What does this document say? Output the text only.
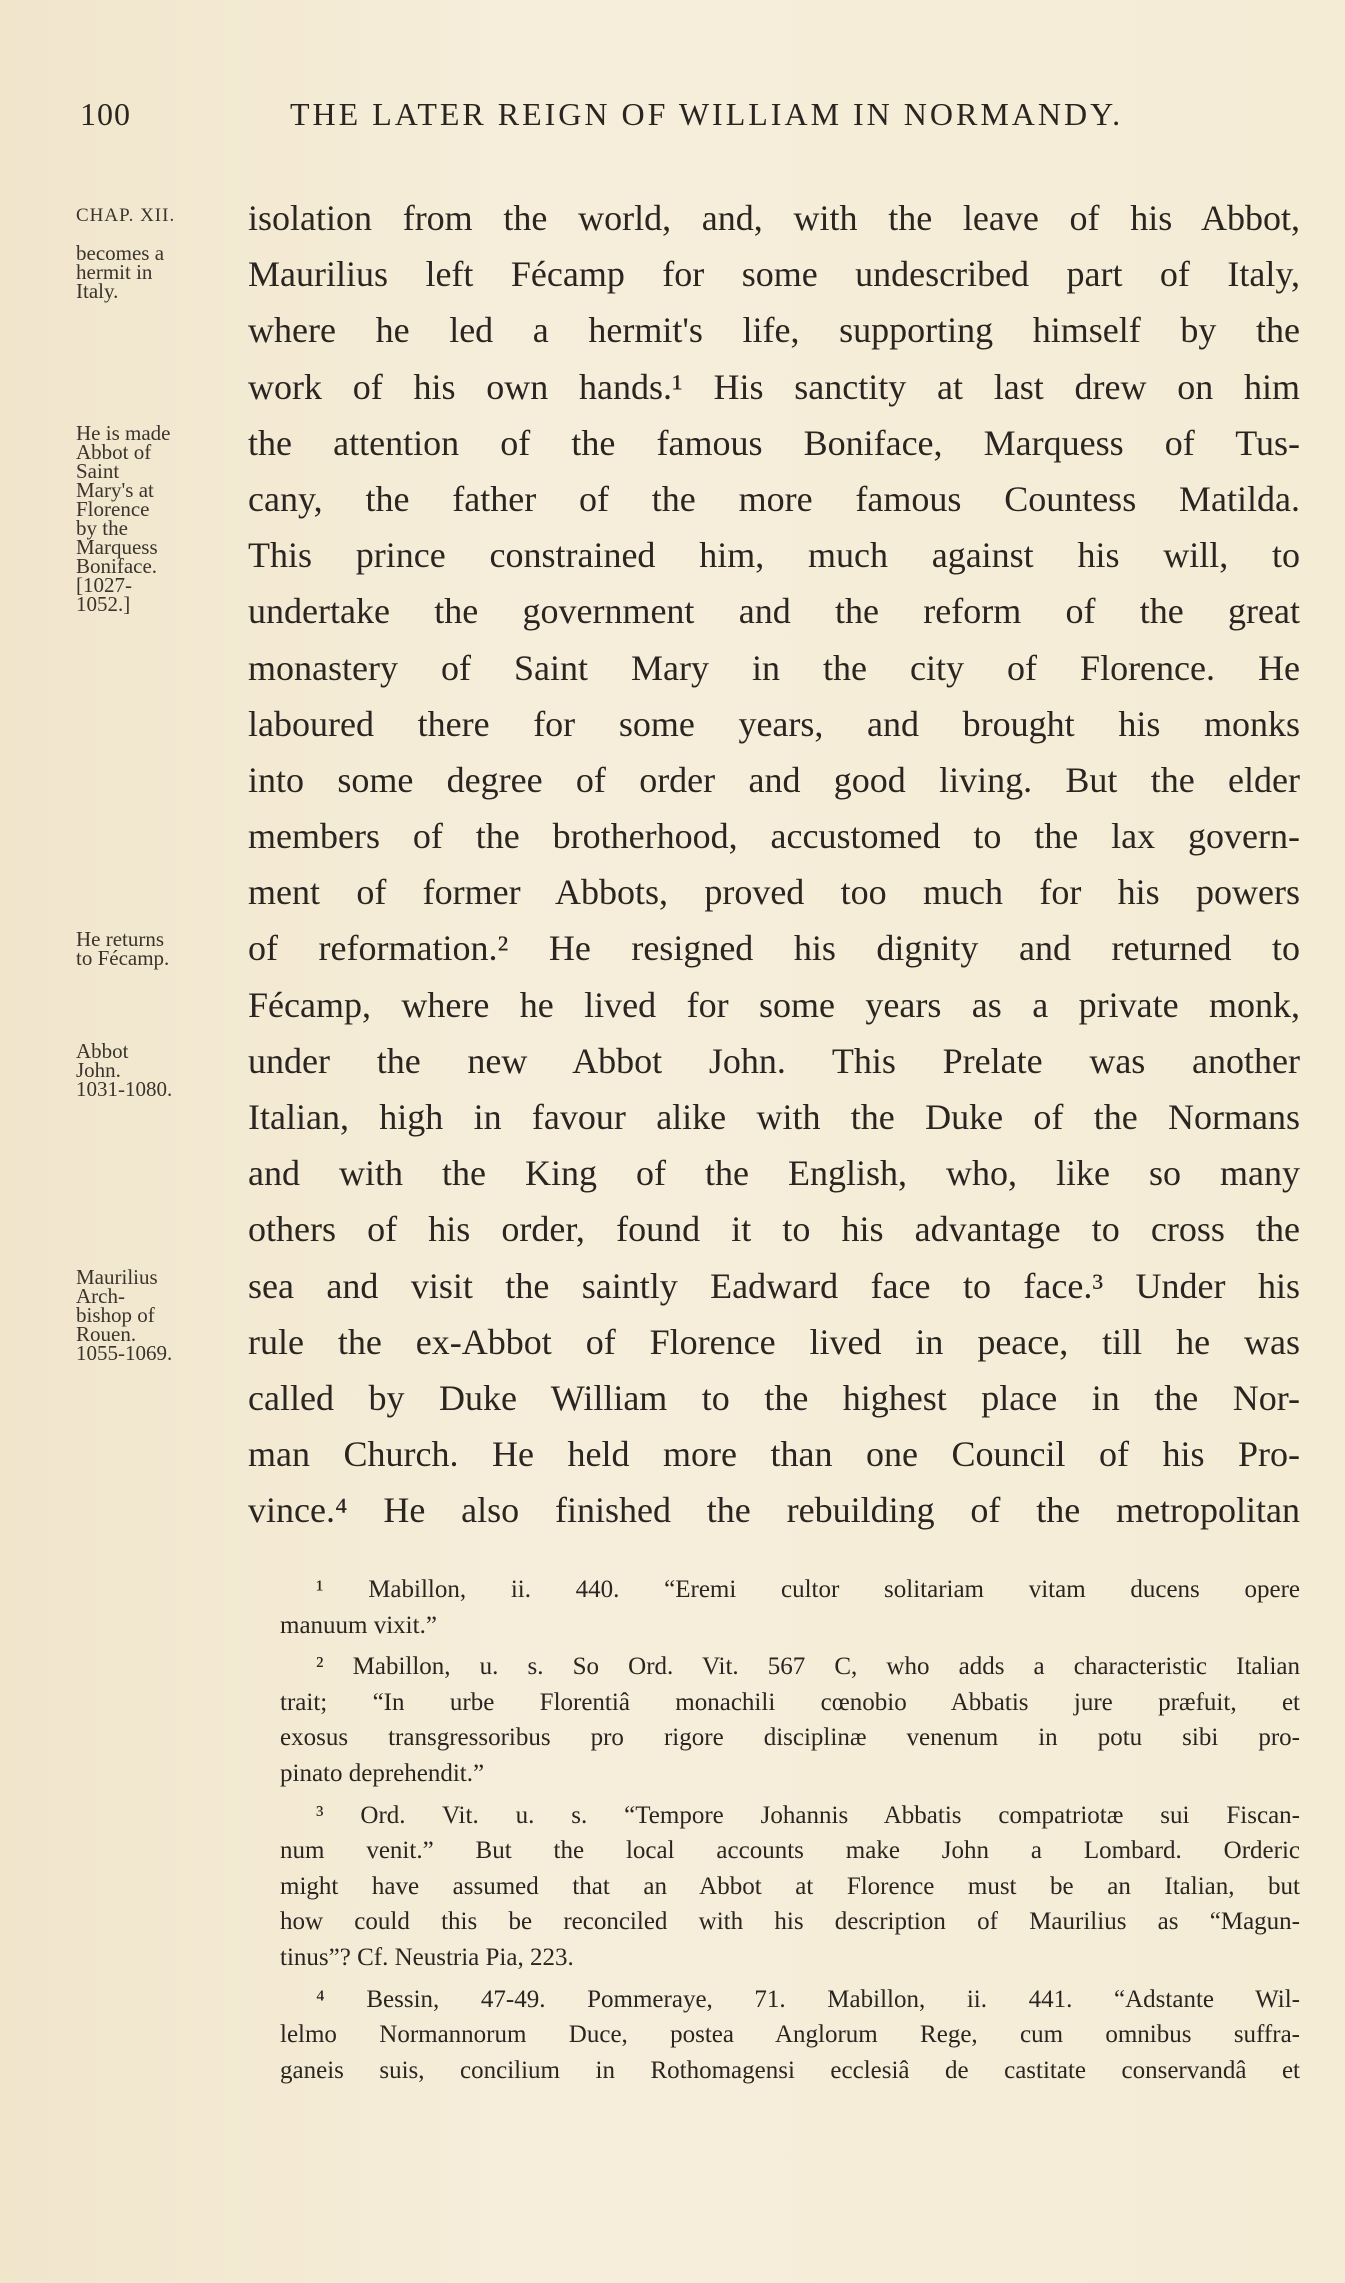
100	THE LATER REIGN OF WILLIAM IN NORMANDY.
CHAP. XII.
becomes a
hermit in
Italy.
He is made
Abbot of
Saint
Mary's at
Florence
by the
Marquess
Boniface.
[1027-
1052.]
He returns
to Fécamp.
Abbot
John.
1031-1080.
Maurilius
Arch-
bishop of
Rouen.
1055-1069.
isolation from the world, and, with the leave of his Abbot,
Maurilius left Fécamp for some undescribed part of Italy,
where he led a hermit's life, supporting himself by the
work of his own hands.¹ His sanctity at last drew on him
the attention of the famous Boniface, Marquess of Tus-
cany, the father of the more famous Countess Matilda.
This prince constrained him, much against his will, to
undertake the government and the reform of the great
monastery of Saint Mary in the city of Florence. He
laboured there for some years, and brought his monks
into some degree of order and good living. But the elder
members of the brotherhood, accustomed to the lax govern-
ment of former Abbots, proved too much for his powers
of reformation.² He resigned his dignity and returned to
Fécamp, where he lived for some years as a private monk,
under the new Abbot John. This Prelate was another
Italian, high in favour alike with the Duke of the Normans
and with the King of the English, who, like so many
others of his order, found it to his advantage to cross the
sea and visit the saintly Eadward face to face.³ Under his
rule the ex-Abbot of Florence lived in peace, till he was
called by Duke William to the highest place in the Nor-
man Church. He held more than one Council of his Pro-
vince.⁴ He also finished the rebuilding of the metropolitan
¹ Mabillon, ii. 440. “Eremi cultor solitariam vitam ducens opere
manuum vixit.”
² Mabillon, u. s. So Ord. Vit. 567 C, who adds a characteristic Italian
trait; “In urbe Florentiâ monachili cœnobio Abbatis jure præfuit, et
exosus transgressoribus pro rigore disciplinæ venenum in potu sibi pro-
pinato deprehendit.”
³ Ord. Vit. u. s. “Tempore Johannis Abbatis compatriotæ sui Fiscan-
num venit.” But the local accounts make John a Lombard. Orderic
might have assumed that an Abbot at Florence must be an Italian, but
how could this be reconciled with his description of Maurilius as “Magun-
tinus”? Cf. Neustria Pia, 223.
⁴ Bessin, 47-49. Pommeraye, 71. Mabillon, ii. 441. “Adstante Wil-
lelmo Normannorum Duce, postea Anglorum Rege, cum omnibus suffra-
ganeis suis, concilium in Rothomagensi ecclesiâ de castitate conservandâ et
